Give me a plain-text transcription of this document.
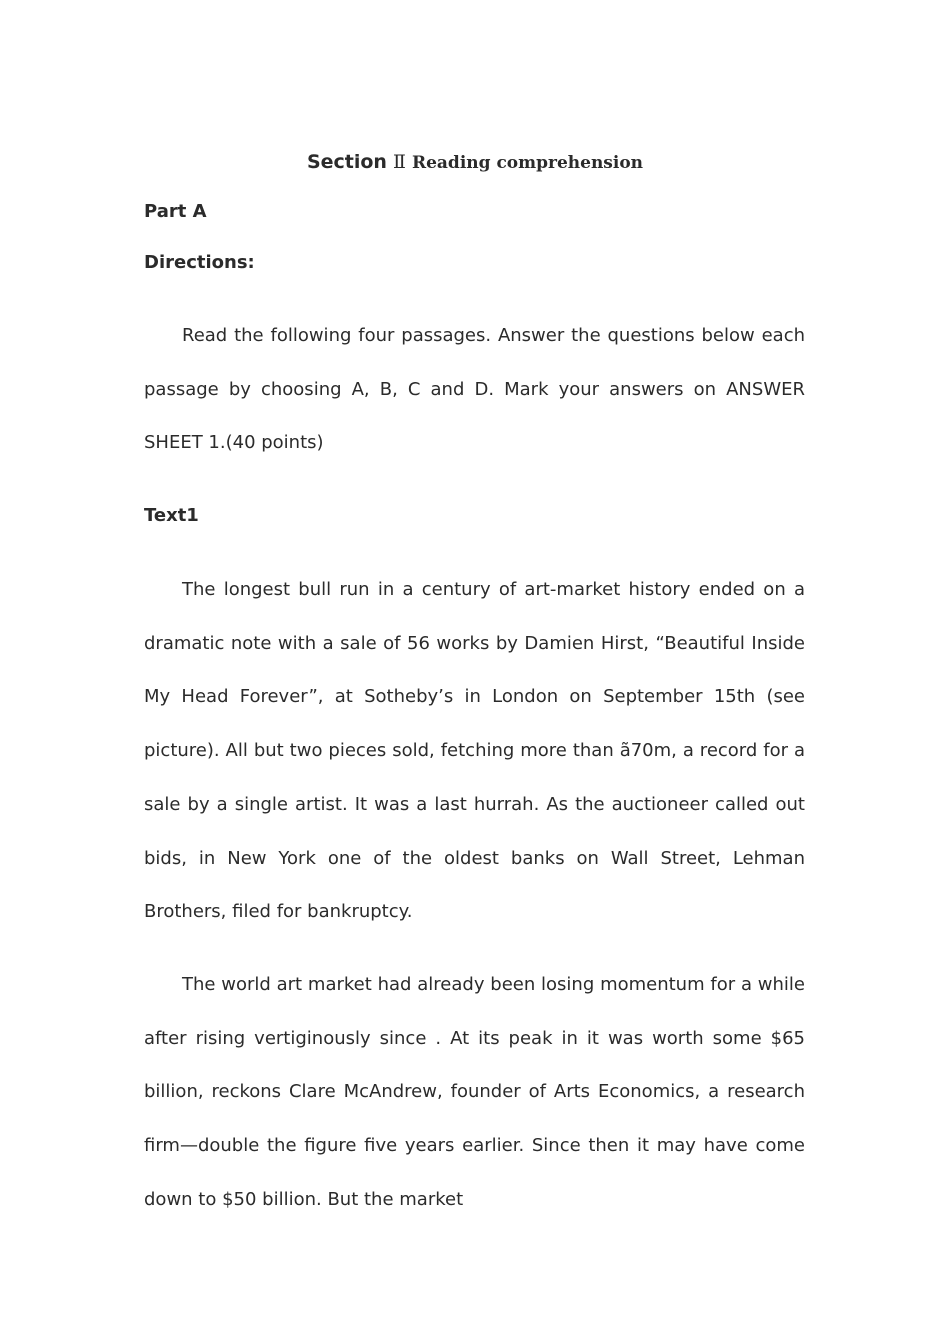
Section Ⅱ Reading comprehension
Part A
Directions:

Read the following four passages. Answer the questions below each passage by choosing A, B, C and D. Mark your answers on ANSWER SHEET 1.(40 points)

Text1

The longest bull run in a century of art-market history ended on a dramatic note with a sale of 56 works by Damien Hirst, “Beautiful Inside My Head Forever”, at Sotheby’s in London on September 15th (see picture). All but two pieces sold, fetching more than ã70m, a record for a sale by a single artist. It was a last hurrah. As the auctioneer called out bids, in New York one of the oldest banks on Wall Street, Lehman Brothers, filed for bankruptcy.

The world art market had already been losing momentum for a while after rising vertiginously since . At its peak in it was worth some $65 billion, reckons Clare McAndrew, founder of Arts Economics, a research firm—double the figure five years earlier. Since then it may have come down to $50 billion. But the market
